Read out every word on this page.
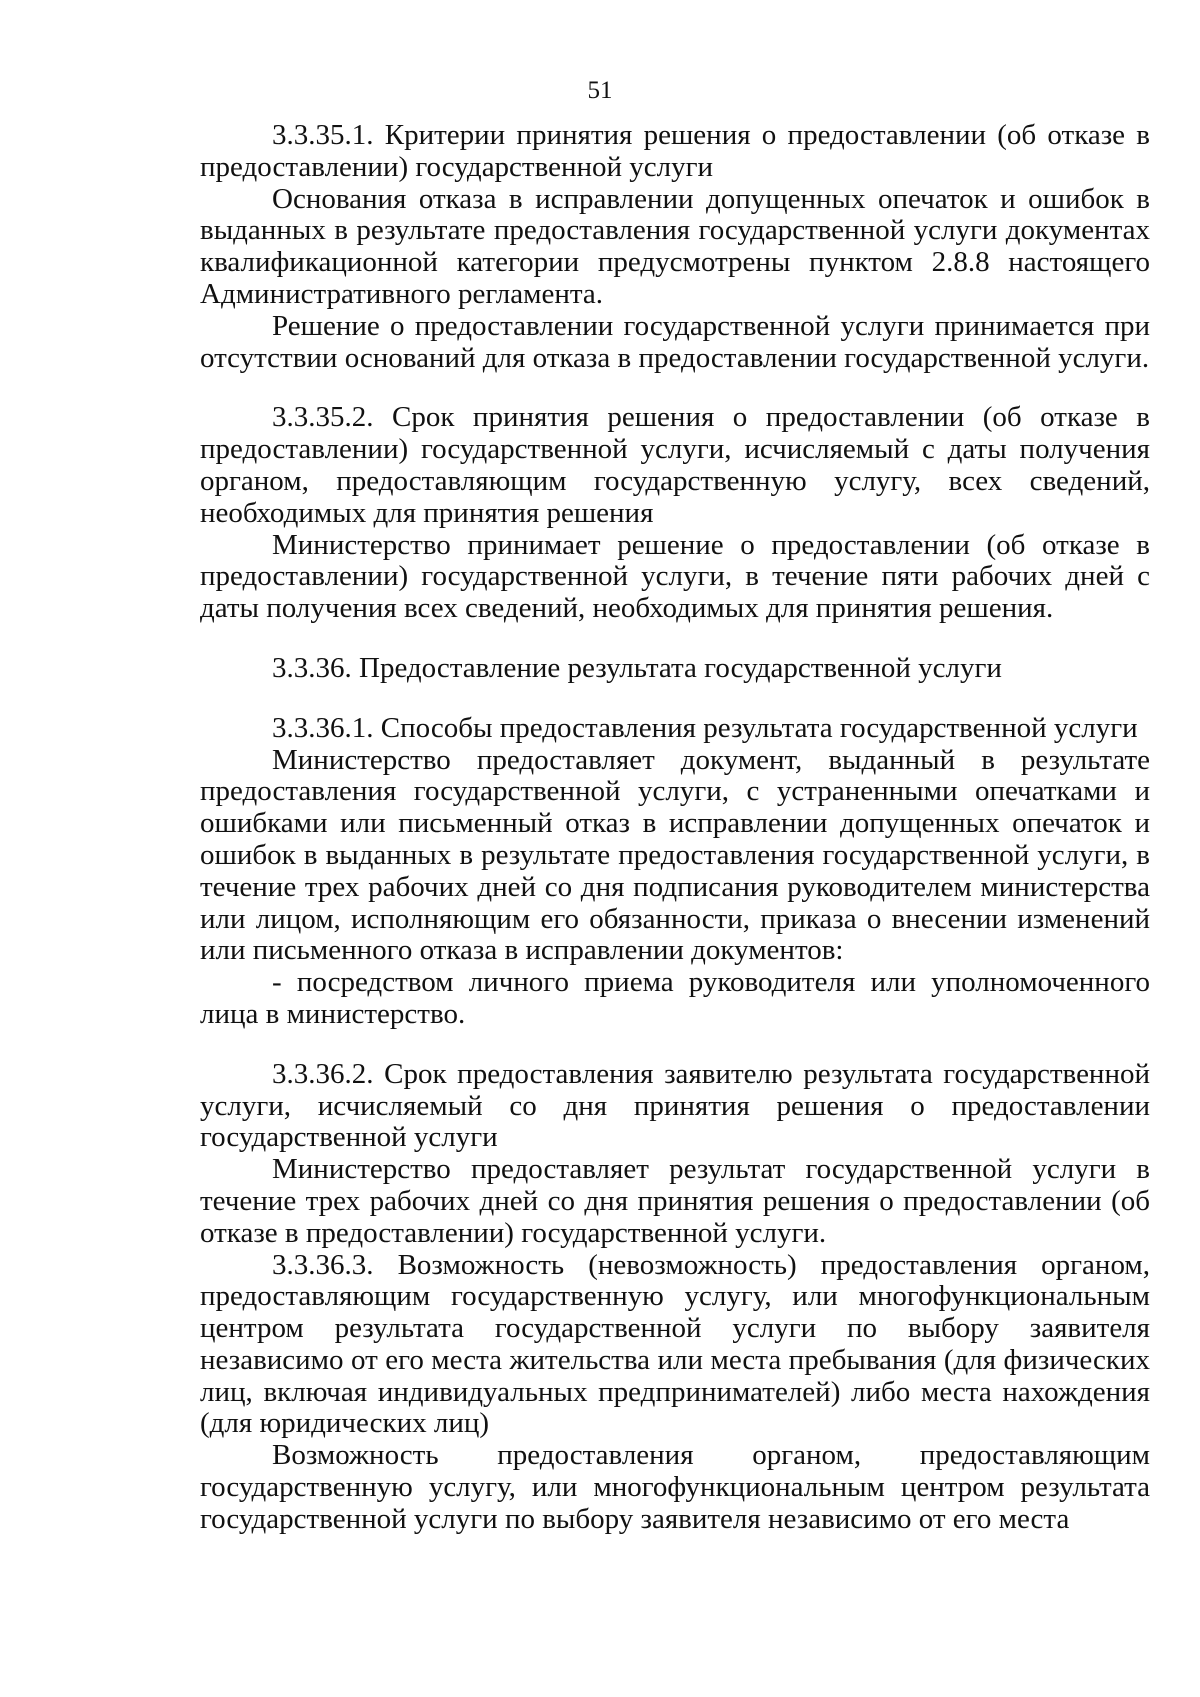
51

3.3.35.1. Критерии принятия решения о предоставлении (об отказе в предоставлении) государственной услуги

Основания отказа в исправлении допущенных опечаток и ошибок в выданных в результате предоставления государственной услуги документах квалификационной категории предусмотрены пунктом 2.8.8 настоящего Административного регламента.

Решение о предоставлении государственной услуги принимается при отсутствии оснований для отказа в предоставлении государственной услуги.

3.3.35.2. Срок принятия решения о предоставлении (об отказе в предоставлении) государственной услуги, исчисляемый с даты получения органом, предоставляющим государственную услугу, всех сведений, необходимых для принятия решения

Министерство принимает решение о предоставлении (об отказе в предоставлении) государственной услуги, в течение пяти рабочих дней с даты получения всех сведений, необходимых для принятия решения.

3.3.36. Предоставление результата государственной услуги

3.3.36.1. Способы предоставления результата государственной услуги

Министерство предоставляет документ, выданный в результате предоставления государственной услуги, с устраненными опечатками и ошибками или письменный отказ в исправлении допущенных опечаток и ошибок в выданных в результате предоставления государственной услуги, в течение трех рабочих дней со дня подписания руководителем министерства или лицом, исполняющим его обязанности, приказа о внесении изменений или письменного отказа в исправлении документов:

- посредством личного приема руководителя или уполномоченного лица в министерство.

3.3.36.2. Срок предоставления заявителю результата государственной услуги, исчисляемый со дня принятия решения о предоставлении государственной услуги

Министерство предоставляет результат государственной услуги в течение трех рабочих дней со дня принятия решения о предоставлении (об отказе в предоставлении) государственной услуги.

3.3.36.3. Возможность (невозможность) предоставления органом, предоставляющим государственную услугу, или многофункциональным центром результата государственной услуги по выбору заявителя независимо от его места жительства или места пребывания (для физических лиц, включая индивидуальных предпринимателей) либо места нахождения (для юридических лиц)

Возможность предоставления органом, предоставляющим государственную услугу, или многофункциональным центром результата государственной услуги по выбору заявителя независимо от его места
